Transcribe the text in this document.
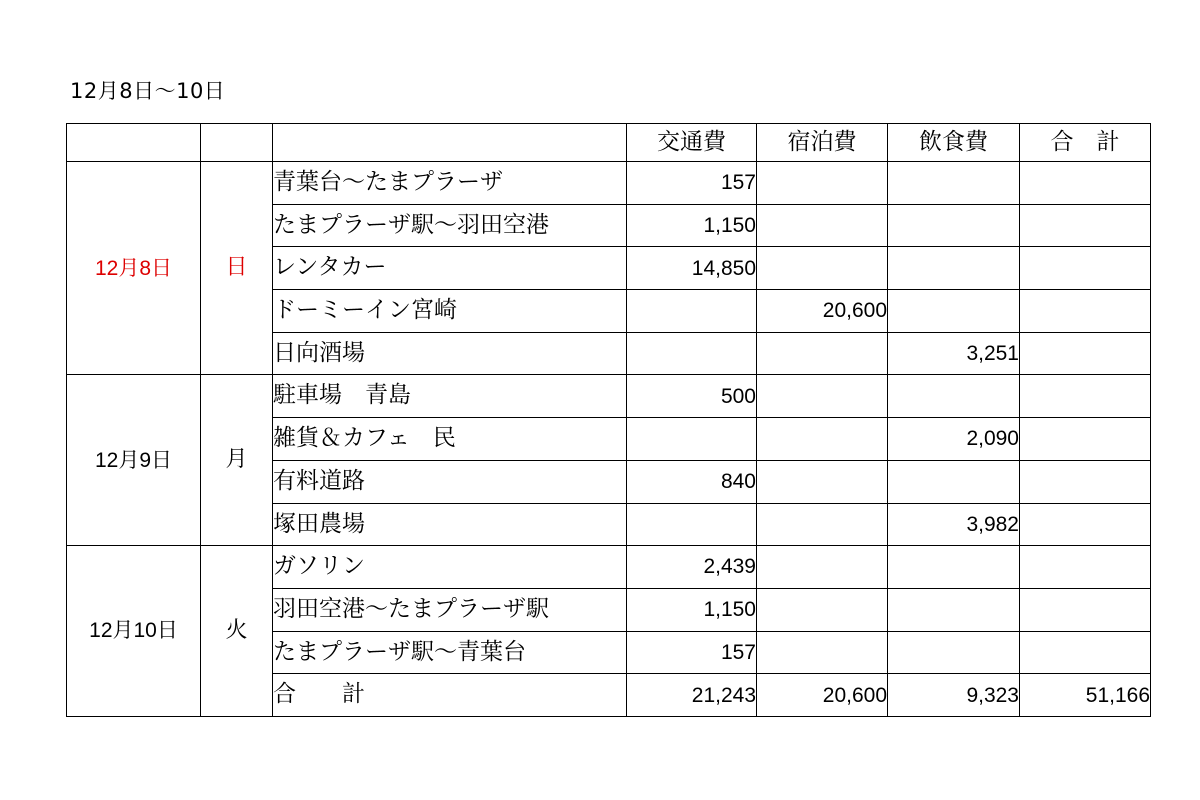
12月8日〜10日
			交通費	宿泊費	飲食費	合　計
12月8日	日	青葉台〜たまプラーザ	157			
		たまプラーザ駅〜羽田空港	1,150			
		レンタカー	14,850			
		ドーミーイン宮崎		20,600		
		日向酒場			3,251	
12月9日	月	駐車場　青島	500			
		雑貨＆カフェ　民			2,090	
		有料道路	840			
		塚田農場			3,982	
12月10日	火	ガソリン	2,439			
		羽田空港〜たまプラーザ駅	1,150			
		たまプラーザ駅〜青葉台	157			
		合　　計	21,243	20,600	9,323	51,166
